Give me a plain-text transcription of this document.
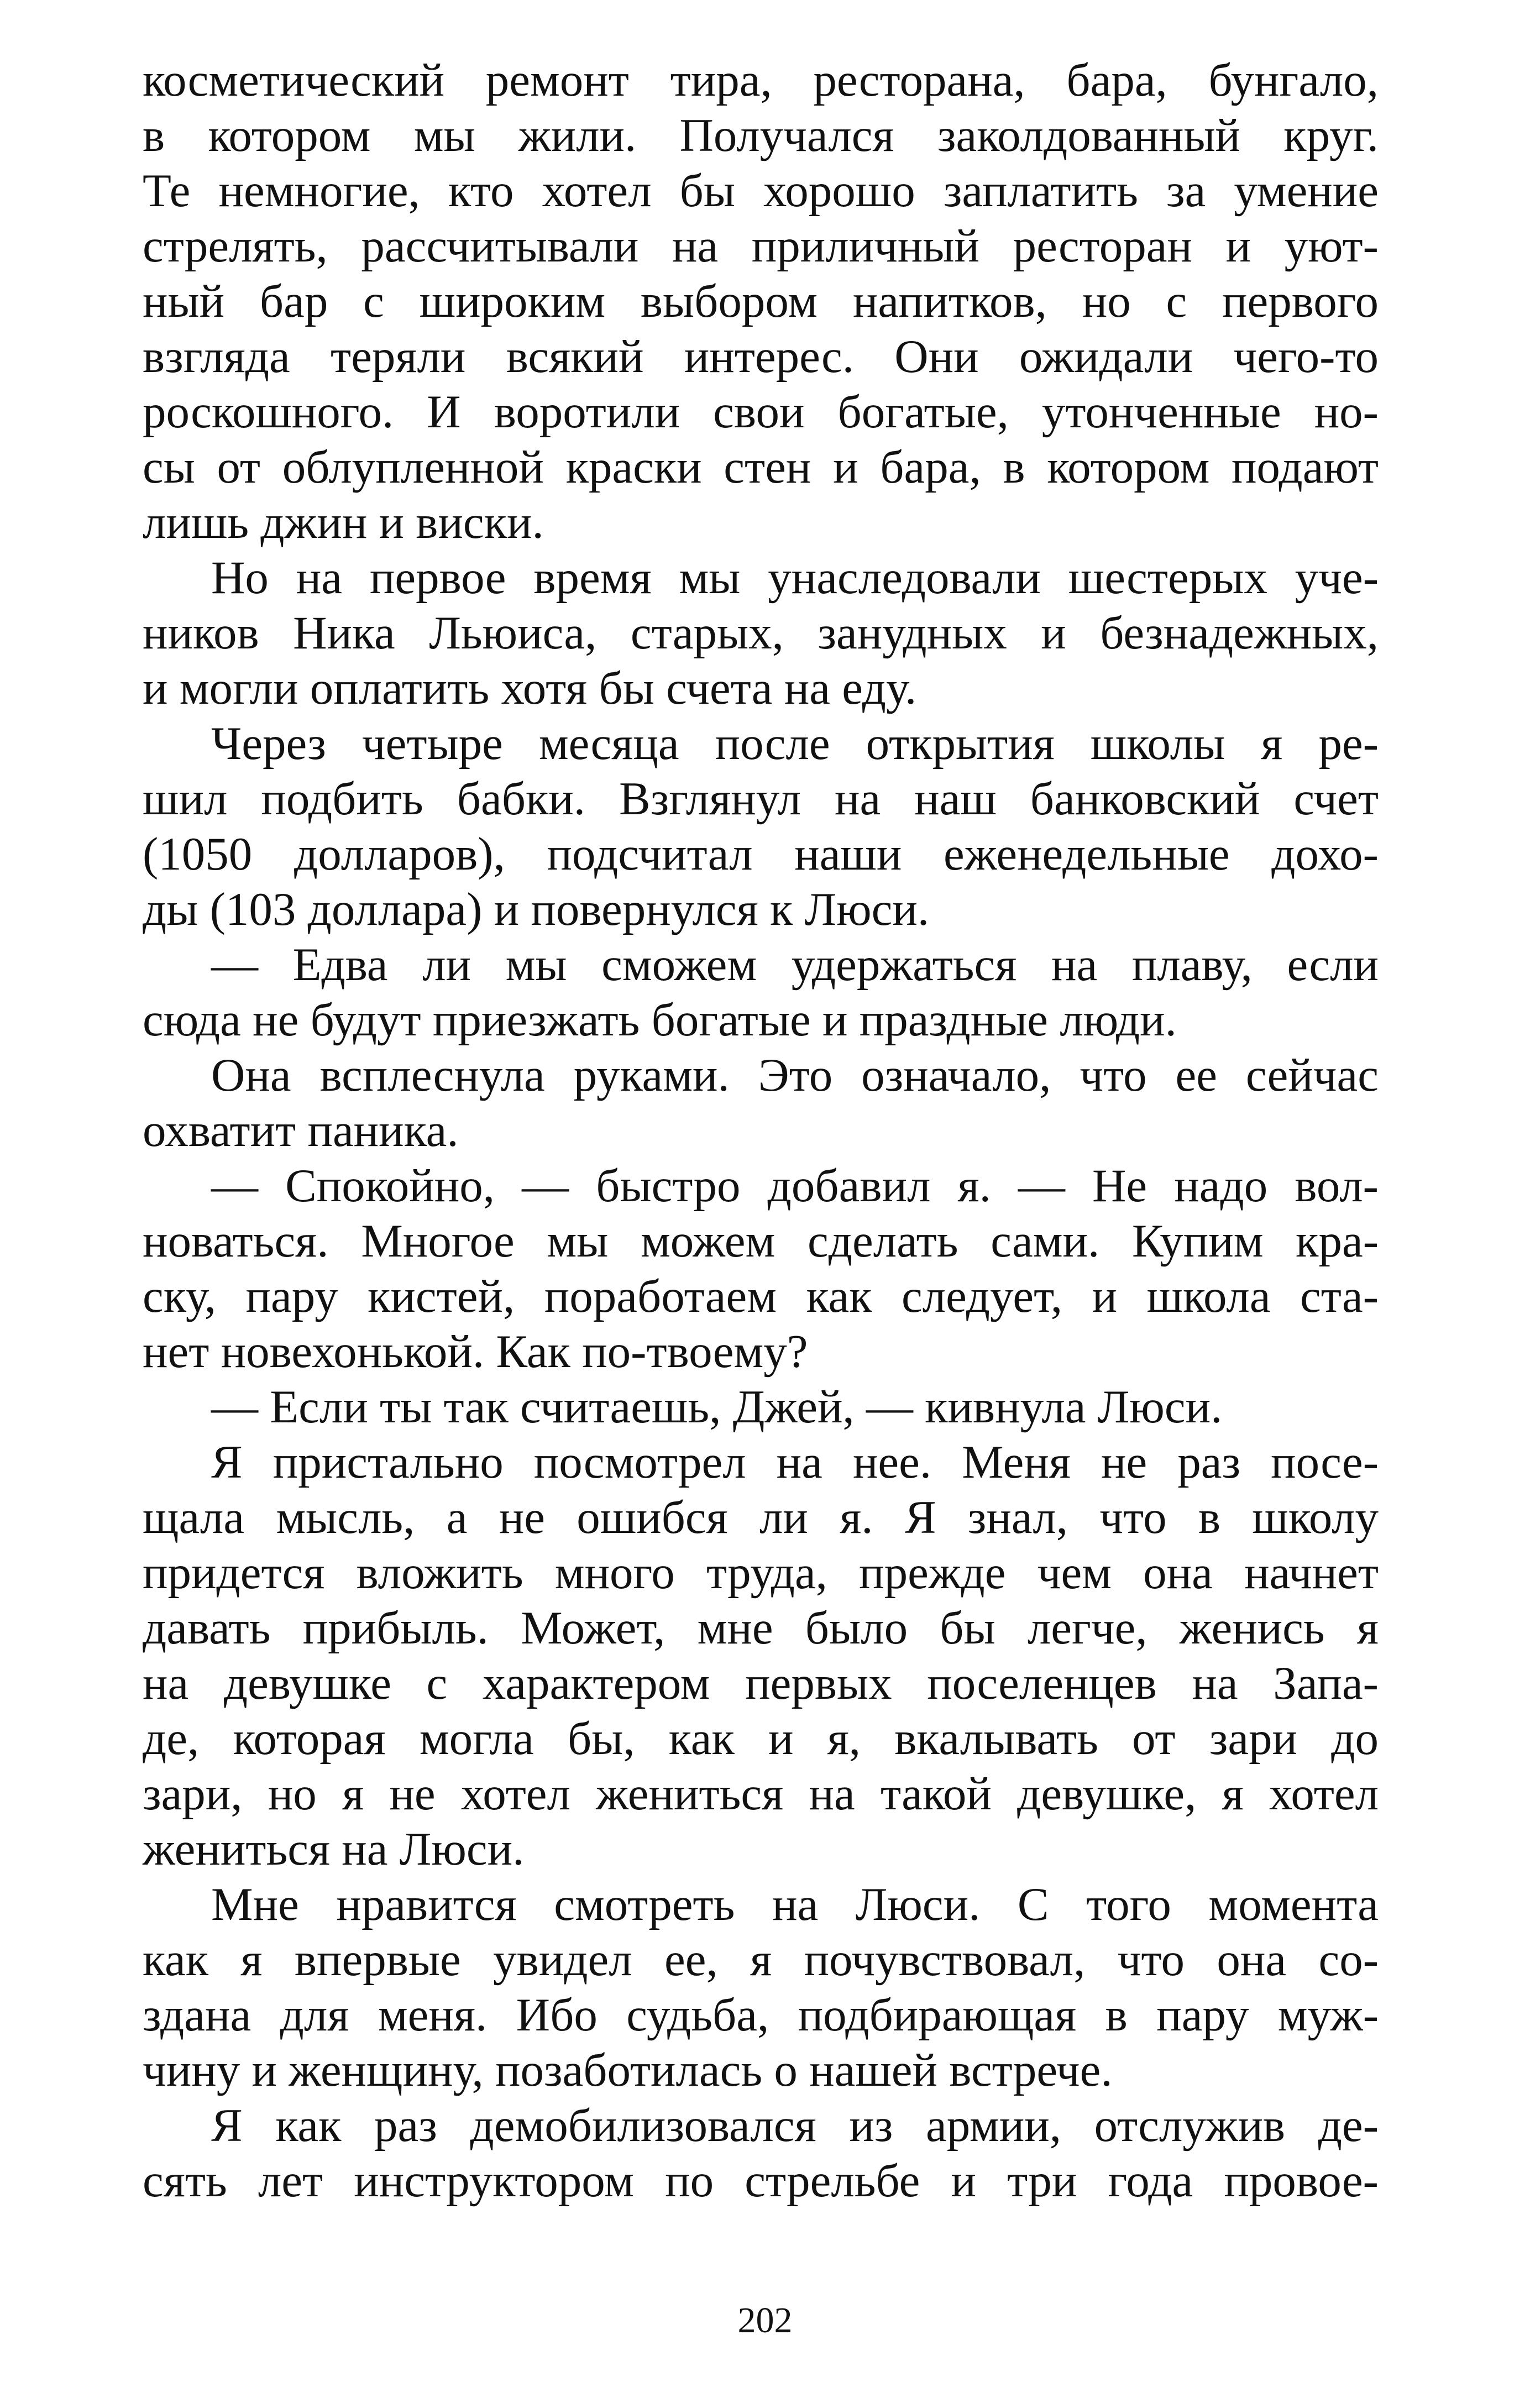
косметический ремонт тира, ресторана, бара, бунгало,
в котором мы жили. Получался заколдованный круг.
Те немногие, кто хотел бы хорошо заплатить за умение
стрелять, рассчитывали на приличный ресторан и уют-
ный бар с широким выбором напитков, но с первого
взгляда теряли всякий интерес. Они ожидали чего-то
роскошного. И воротили свои богатые, утонченные но-
сы от облупленной краски стен и бара, в котором подают
лишь джин и виски.
Но на первое время мы унаследовали шестерых уче-
ников Ника Льюиса, старых, занудных и безнадежных,
и могли оплатить хотя бы счета на еду.
Через четыре месяца после открытия школы я ре-
шил подбить бабки. Взглянул на наш банковский счет
(1050 долларов), подсчитал наши еженедельные дохо-
ды (103 доллара) и повернулся к Люси.
— Едва ли мы сможем удержаться на плаву, если
сюда не будут приезжать богатые и праздные люди.
Она всплеснула руками. Это означало, что ее сейчас
охватит паника.
— Спокойно, — быстро добавил я. — Не надо вол-
новаться. Многое мы можем сделать сами. Купим кра-
ску, пару кистей, поработаем как следует, и школа ста-
нет новехонькой. Как по-твоему?
— Если ты так считаешь, Джей, — кивнула Люси.
Я пристально посмотрел на нее. Меня не раз посе-
щала мысль, а не ошибся ли я. Я знал, что в школу
придется вложить много труда, прежде чем она начнет
давать прибыль. Может, мне было бы легче, женись я
на девушке с характером первых поселенцев на Запа-
де, которая могла бы, как и я, вкалывать от зари до
зари, но я не хотел жениться на такой девушке, я хотел
жениться на Люси.
Мне нравится смотреть на Люси. С того момента
как я впервые увидел ее, я почувствовал, что она со-
здана для меня. Ибо судьба, подбирающая в пару муж-
чину и женщину, позаботилась о нашей встрече.
Я как раз демобилизовался из армии, отслужив де-
сять лет инструктором по стрельбе и три года провое-
202
